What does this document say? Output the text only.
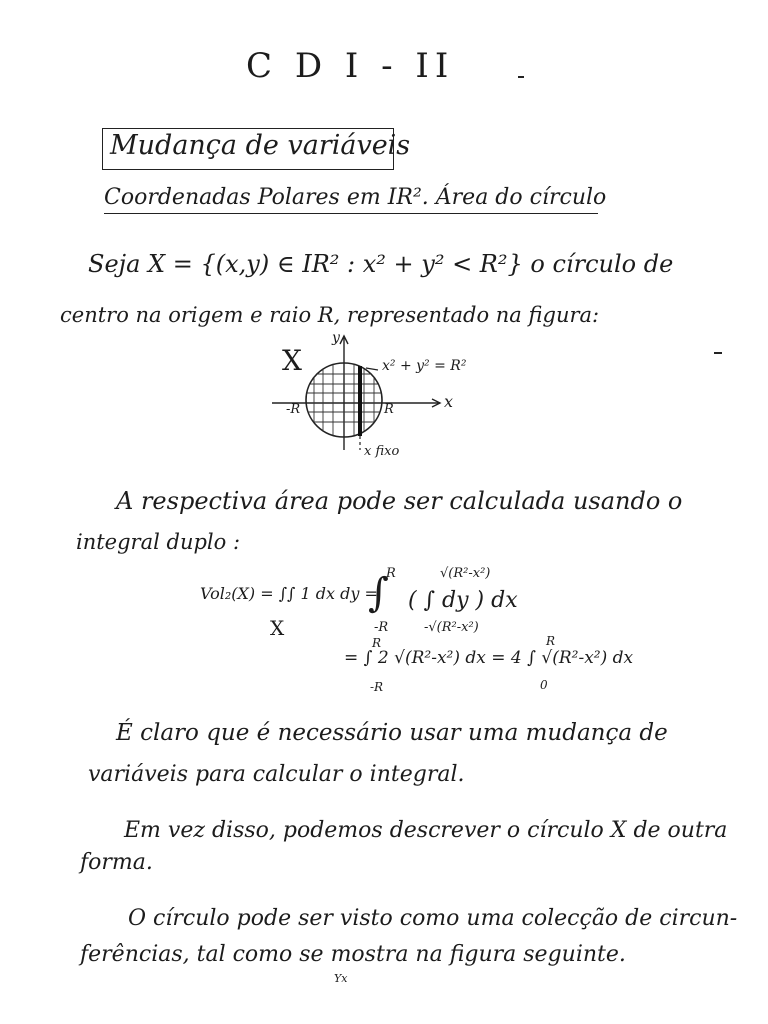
C D I - II
Mudança de variáveis
Coordenadas Polares em IR². Área do círculo
Seja X = {(x,y) ∈ IR² : x² + y² < R²} o círculo de
centro na origem e raio R, representado na figura:
X
y
x
x² + y² = R²
-R	R
x fixo
A respectiva área pode ser calculada usando o
integral duplo :
Vol₂(X) = ∫∫ 1 dx dy =
X
∫
R
-R
√(R²-x²)
-√(R²-x²)
( ∫ dy ) dx
= ∫ 2 √(R²-x²) dx = 4 ∫ √(R²-x²) dx
R
-R
R
0
É claro que é necessário usar uma mudança de
variáveis para calcular o integral.
Em vez disso, podemos descrever o círculo X de outra
forma.
O círculo pode ser visto como uma colecção de circun-
ferências, tal como se mostra na figura seguinte.
Yx
